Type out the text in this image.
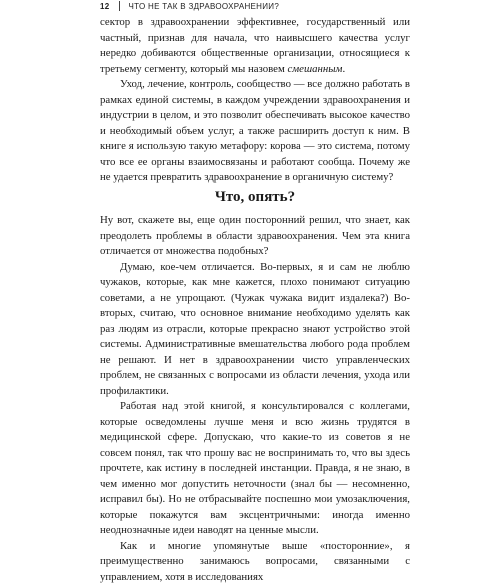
12 ЧТО НЕ ТАК В ЗДРАВООХРАНЕНИИ?

сектор в здравоохранении эффективнее, государственный или частный, признав для начала, что наивысшего качества услуг нередко добиваются общественные организации, относящиеся к третьему сегменту, который мы назовем смешанным.

Уход, лечение, контроль, сообщество — все должно работать в рамках единой системы, в каждом учреждении здравоохранения и индустрии в целом, и это позволит обеспечивать высокое качество и необходимый объем услуг, а также расширить доступ к ним. В книге я использую такую метафору: корова — это система, потому что все ее органы взаимосвязаны и работают сообща. Почему же не удается превратить здравоохранение в органичную систему?

Что, опять?

Ну вот, скажете вы, еще один посторонний решил, что знает, как преодолеть проблемы в области здравоохранения. Чем эта книга отличается от множества подобных?

Думаю, кое-чем отличается. Во-первых, я и сам не люблю чужаков, которые, как мне кажется, плохо понимают ситуацию советами, а не упрощают. (Чужак чужака видит издалека?) Во-вторых, считаю, что основное внимание необходимо уделять как раз людям из отрасли, которые прекрасно знают устройство этой системы. Административные вмешательства любого рода проблем не решают. И нет в здравоохранении чисто управленческих проблем, не связанных с вопросами из области лечения, ухода или профилактики.

Работая над этой книгой, я консультировался с коллегами, которые осведомлены лучше меня и всю жизнь трудятся в медицинской сфере. Допускаю, что какие-то из советов я не совсем понял, так что прошу вас не воспринимать то, что вы здесь прочтете, как истину в последней инстанции. Правда, я не знаю, в чем именно мог допустить неточности (знал бы — несомненно, исправил бы). Но не отбрасывайте поспешно мои умозаключения, которые покажутся вам эксцентричными: иногда именно неоднозначные идеи наводят на ценные мысли.

Как и многие упомянутые выше «посторонние», я преимущественно занимаюсь вопросами, связанными с управлением, хотя в исследованиях
